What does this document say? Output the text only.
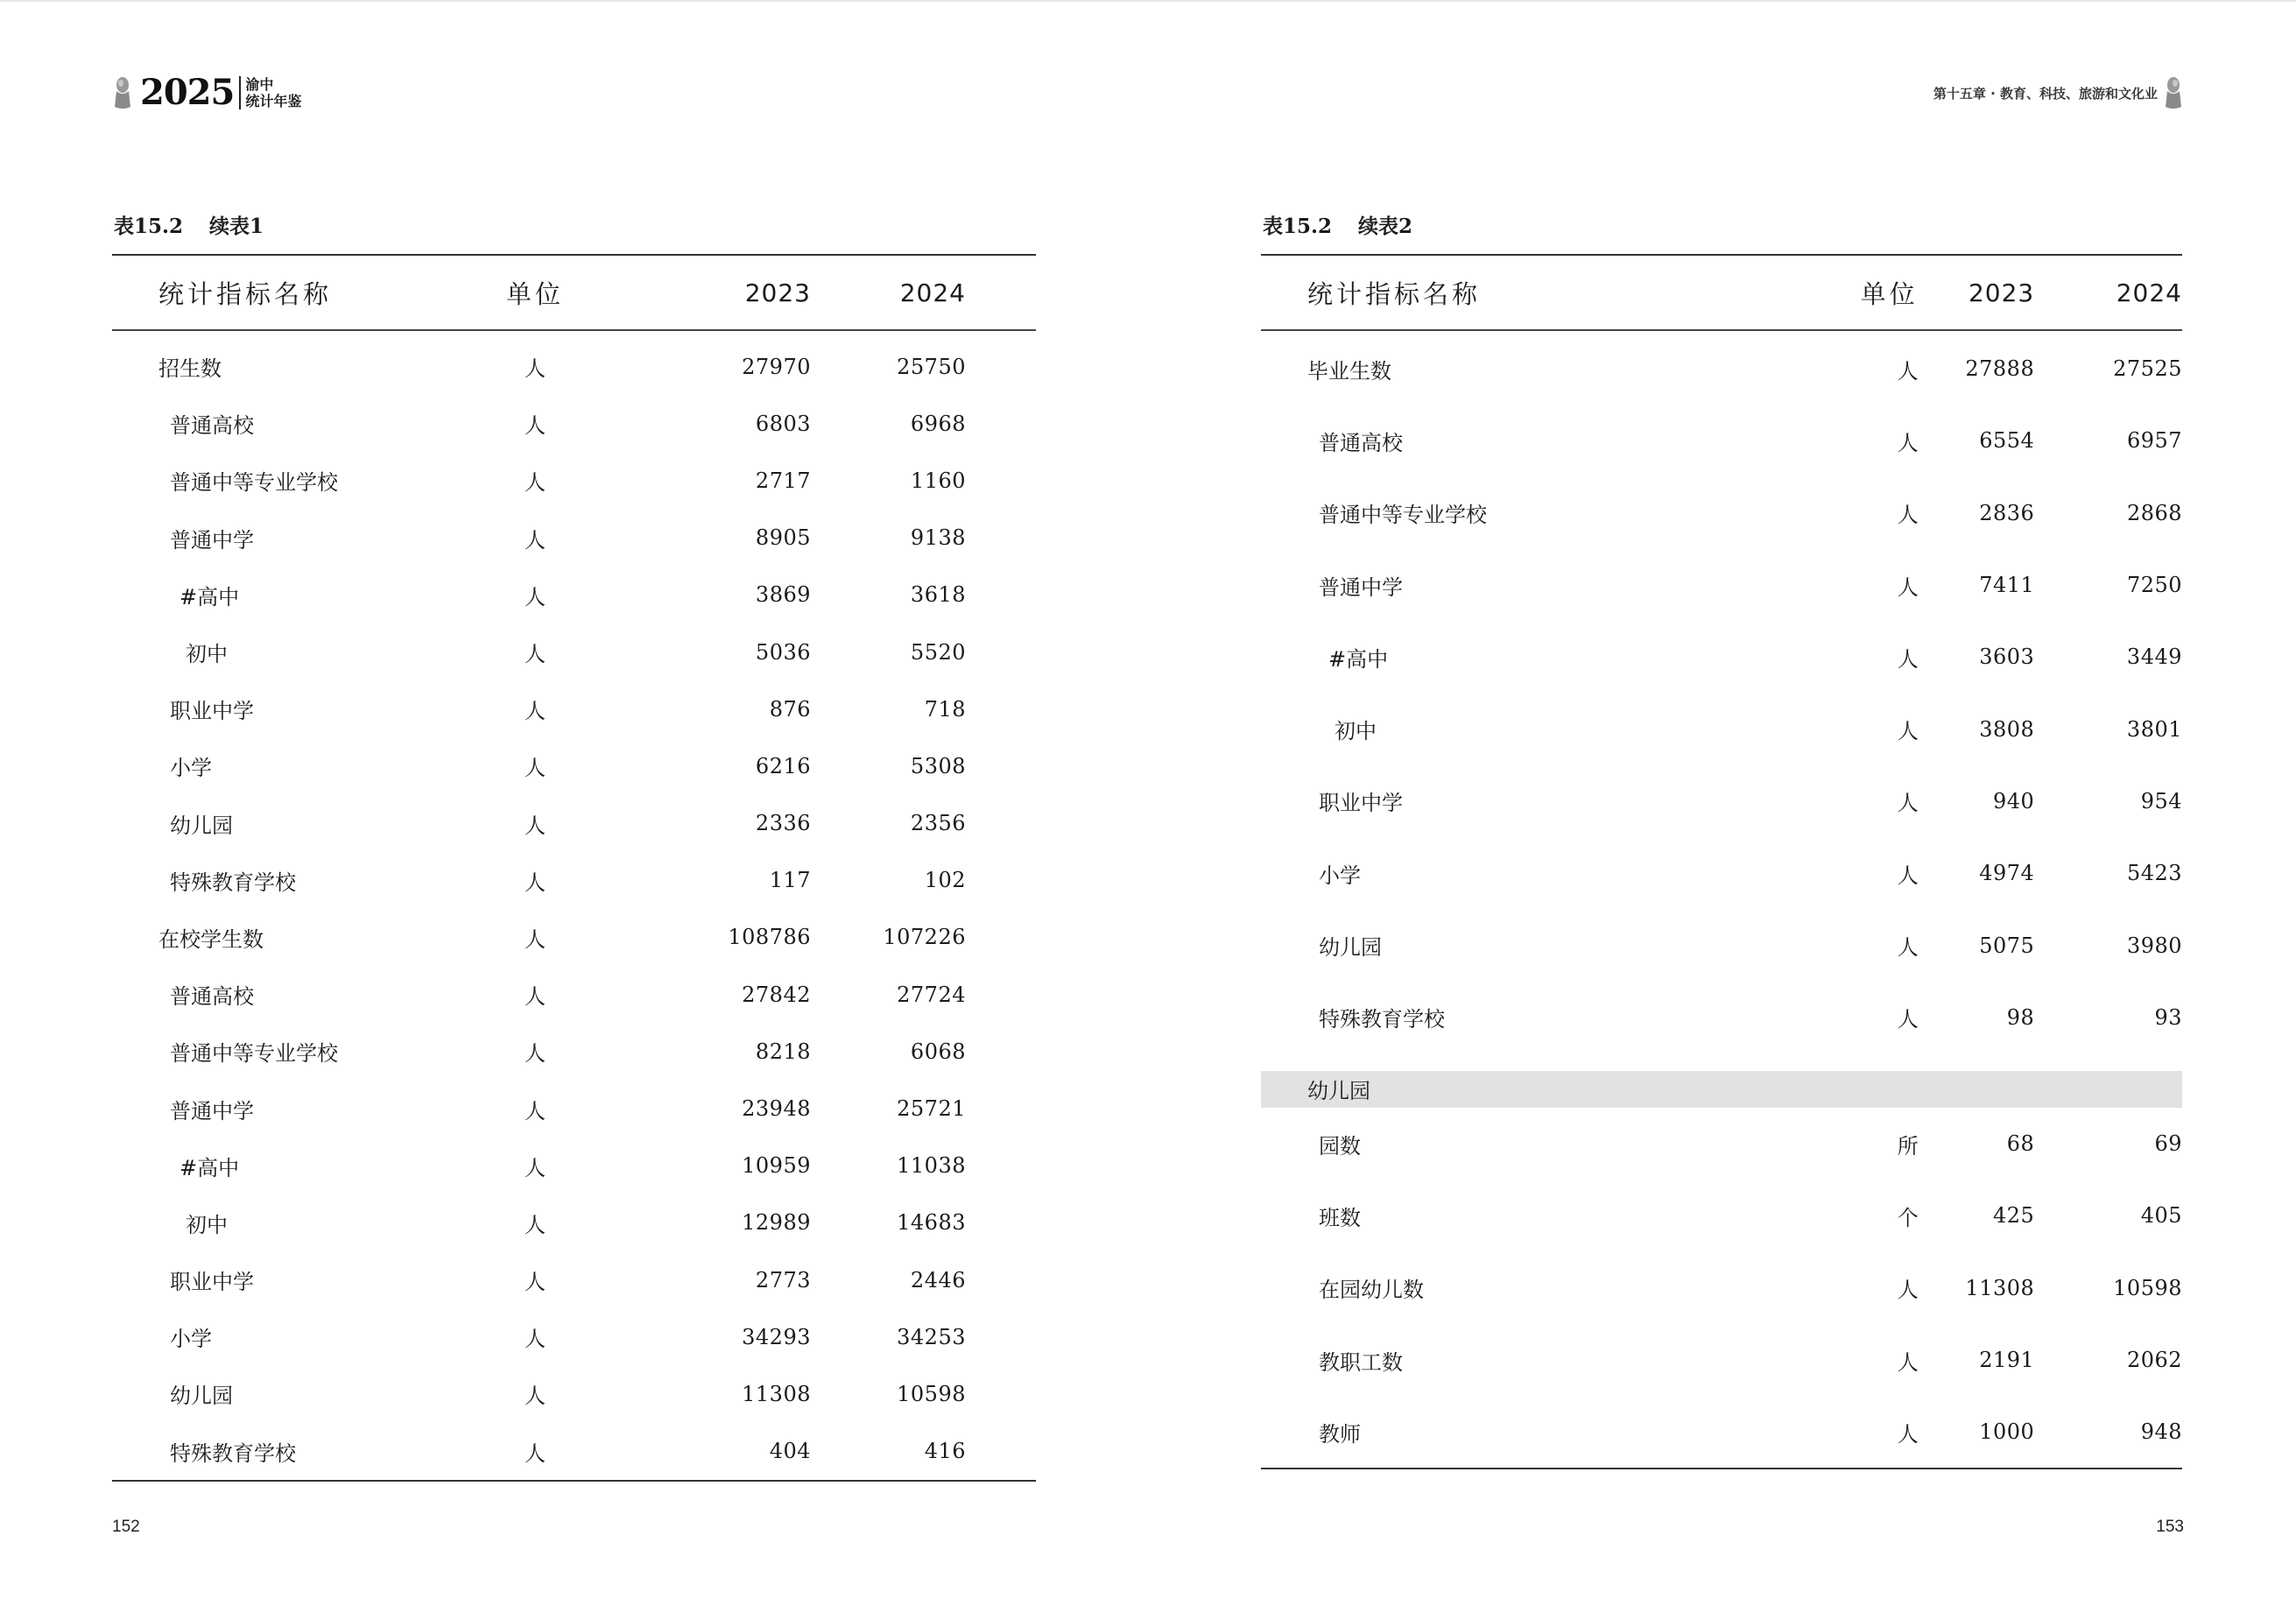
2025 渝中
统计年鉴	第十五章 · 教育、科技、旅游和文化业
表15.2 续表1
统计指标名称	单位	2023	2024
招生数	人	27970	25750
普通高校	人	6803	6968
普通中等专业学校	人	2717	1160
普通中学	人	8905	9138
#高中	人	3869	3618
初中	人	5036	5520
职业中学	人	876	718
小学	人	6216	5308
幼儿园	人	2336	2356
特殊教育学校	人	117	102
在校学生数	人	108786	107226
普通高校	人	27842	27724
普通中等专业学校	人	8218	6068
普通中学	人	23948	25721
#高中	人	10959	11038
初中	人	12989	14683
职业中学	人	2773	2446
小学	人	34293	34253
幼儿园	人	11308	10598
特殊教育学校	人	404	416
表15.2 续表2
统计指标名称	单位	2023	2024
毕业生数	人	27888	27525
普通高校	人	6554	6957
普通中等专业学校	人	2836	2868
普通中学	人	7411	7250
#高中	人	3603	3449
初中	人	3808	3801
职业中学	人	940	954
小学	人	4974	5423
幼儿园	人	5075	3980
特殊教育学校	人	98	93
幼儿园
园数	所	68	69
班数	个	425	405
在园幼儿数	人	11308	10598
教职工数	人	2191	2062
教师	人	1000	948
152	153
